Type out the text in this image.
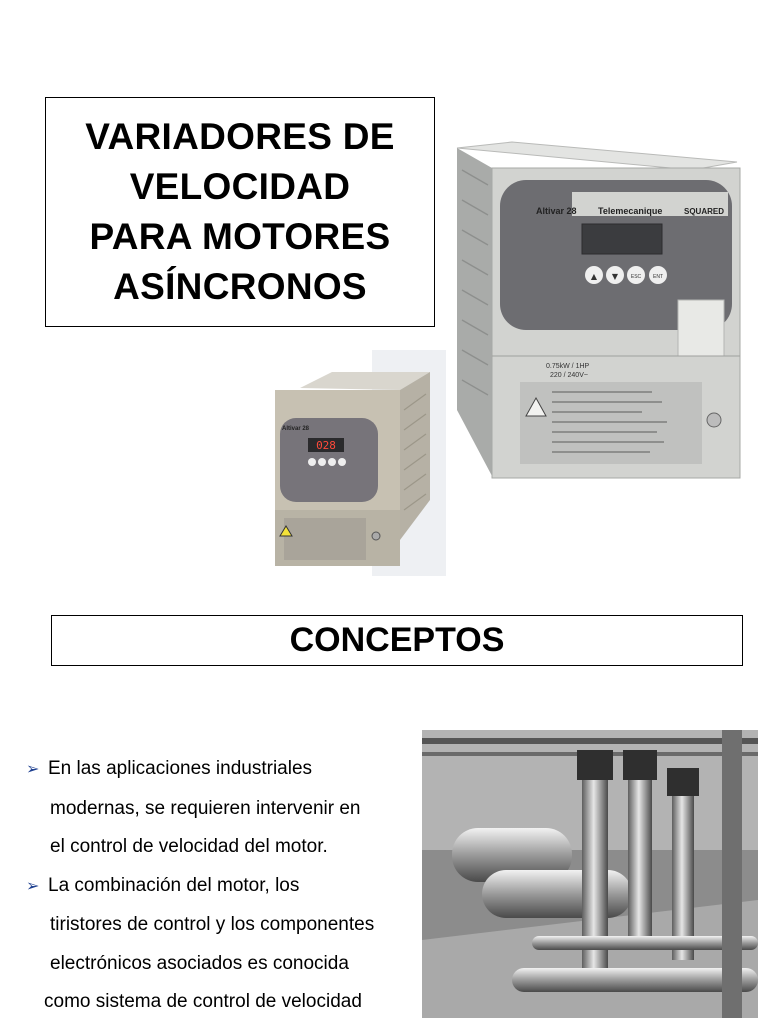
VARIADORES DE
VELOCIDAD
PARA MOTORES
ASÍNCRONOS
Altivar 28 Telemecanique	SQUARED
▲ ▼	ESC ENT
0.75kW / 1HP
220 / 240V~
Altivar 28
028
CONCEPTOS
➢ En las aplicaciones industriales
modernas, se requieren intervenir en
el control de velocidad del motor.
➢ La combinación del motor, los
tiristores de control y los componentes
electrónicos asociados es conocida
como sistema de control de velocidad
